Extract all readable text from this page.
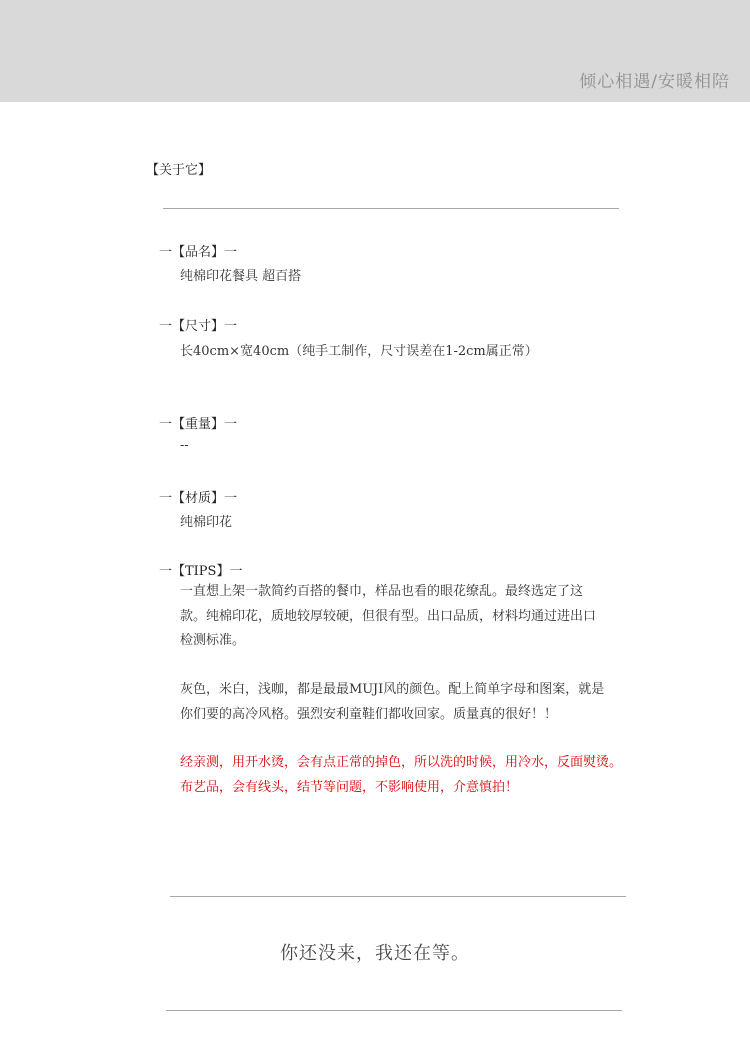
倾心相遇/安暖相陪
【关于它】
一【品名】一
纯棉印花餐具 超百搭
一【尺寸】一
长40cm×宽40cm（纯手工制作，尺寸误差在1-2cm属正常）
一【重量】一
--
一【材质】一
纯棉印花
一【TIPS】一

一直想上架一款简约百搭的餐巾，样品也看的眼花缭乱。最终选定了这
款。纯棉印花，质地较厚较硬，但很有型。出口品质，材料均通过进出口
检测标准。

灰色，米白，浅咖，都是最最MUJI风的颜色。配上简单字母和图案，就是
你们要的高冷风格。强烈安利童鞋们都收回家。质量真的很好！！

经亲测，用开水烫，会有点正常的掉色，所以洗的时候，用冷水，反面熨烫。
布艺品，会有线头，结节等问题，不影响使用，介意慎拍！

你还没来，我还在等。
